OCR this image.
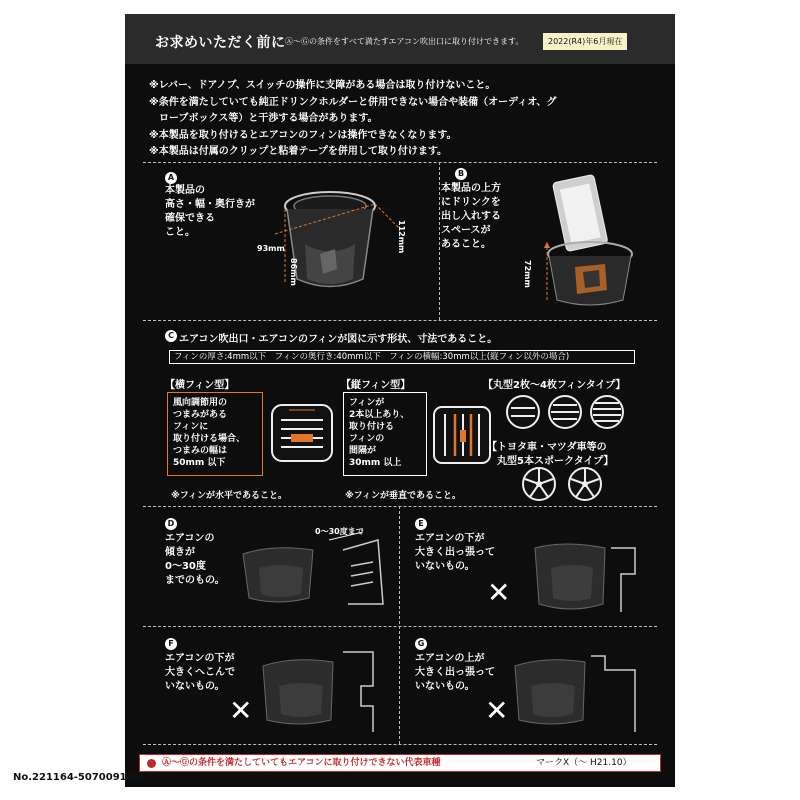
お求めいただく前に Ⓐ～Ⓖの条件をすべて満たすエアコン吹出口に取り付けできます。	2022(R4)年6月現在
※レバー、ドアノブ、スイッチの操作に支障がある場合は取り付けないこと。
※条件を満たしていても純正ドリンクホルダーと併用できない場合や装備（オーディオ、グ
　ローブボックス等）と干渉する場合があります。
※本製品を取り付けるとエアコンのフィンは操作できなくなります。
※本製品は付属のクリップと粘着テープを併用して取り付けます。
A
本製品の
高さ・幅・奥行きが
確保できる
こと。
93mm
86mm
112mm
B
本製品の上方
にドリンクを
出し入れする
スペースが
あること。
72mm
C エアコン吹出口・エアコンのフィンが図に示す形状、寸法であること。
フィンの厚さ:4mm以下　フィンの奥行き:40mm以下　フィンの横幅:30mm以上(縦フィン以外の場合)
【横フィン型】
風向調節用の
つまみがある
フィンに
取り付ける場合、
つまみの幅は
50mm 以下
【縦フィン型】
フィンが
2本以上あり、
取り付ける
フィンの
間隔が
30mm 以上
【丸型2枚～4枚フィンタイプ】
【トヨタ車・マツダ車等の
丸型5本スポークタイプ】
※フィンが水平であること。	※フィンが垂直であること。
D
エアコンの
傾きが
0～30度
までのもの。
0～30度まで
E
エアコンの下が
大きく出っ張って
いないもの。
✕
F
エアコンの下が
大きくへこんで
いないもの。
✕
G
エアコンの上が
大きく出っ張って
いないもの。
✕
Ⓐ～Ⓖの条件を満たしていてもエアコンに取り付けできない代表車種	マークⅩ（～ H21.10）
No.221164-50700915A
